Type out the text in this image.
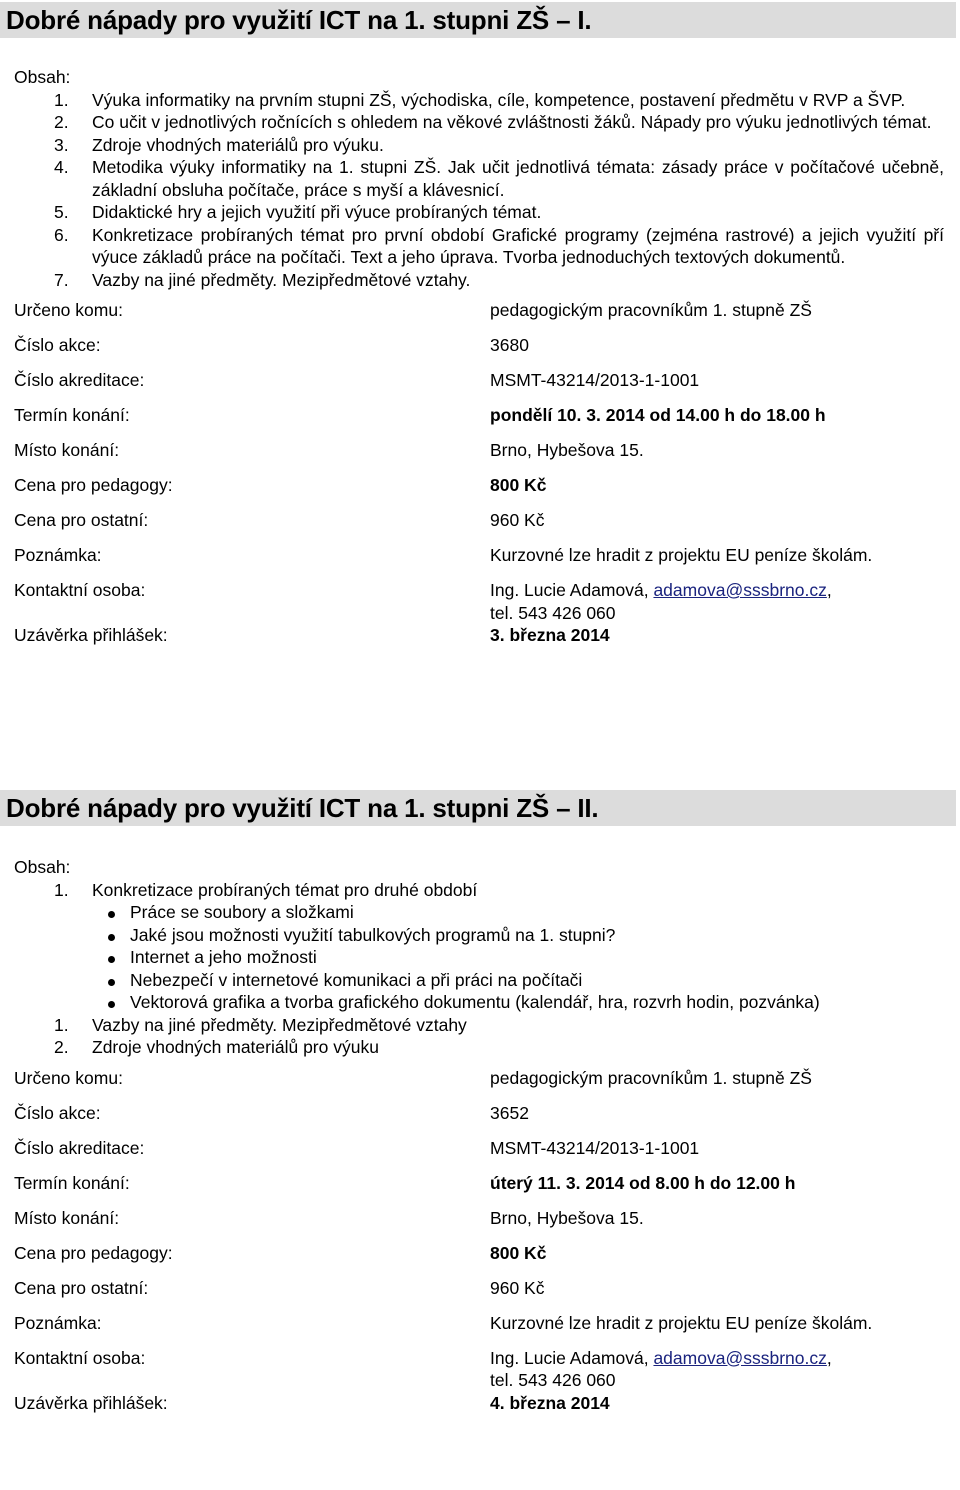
Dobré nápady pro využití ICT na 1. stupni ZŠ – I.
Obsah:
1.	Výuka informatiky na prvním stupni ZŠ, východiska, cíle, kompetence, postavení předmětu v RVP a ŠVP.
2.	Co učit v jednotlivých ročnících s ohledem na věkové zvláštnosti žáků. Nápady pro výuku jednotlivých témat.
3.	Zdroje vhodných materiálů pro výuku.
4.	Metodika výuky informatiky na 1. stupni ZŠ. Jak učit jednotlivá témata: zásady práce v počítačové učebně, základní obsluha počítače, práce s myší a klávesnicí.
5.	Didaktické hry a jejich využití při výuce probíraných témat.
6.	Konkretizace probíraných témat pro první období Grafické programy (zejména rastrové) a jejich využití pří výuce základů práce na počítači. Text a jeho úprava. Tvorba jednoduchých textových dokumentů.
7.	Vazby na jiné předměty. Mezipředmětové vztahy.
Určeno komu:	pedagogickým pracovníkům 1. stupně ZŠ
Číslo akce:	3680
Číslo akreditace:	MSMT-43214/2013-1-1001
Termín konání:	pondělí 10. 3. 2014 od 14.00 h do 18.00 h
Místo konání:	Brno, Hybešova 15.
Cena pro pedagogy:	800 Kč
Cena pro ostatní:	960 Kč
Poznámka:	Kurzovné lze hradit z projektu EU peníze školám.
Kontaktní osoba:	Ing. Lucie Adamová, adamova@sssbrno.cz,
tel. 543 426 060
Uzávěrka přihlášek:	3. března 2014
Dobré nápady pro využití ICT na 1. stupni ZŠ – II.
Obsah:
1.	Konkretizace probíraných témat pro druhé období
Práce se soubory a složkami
Jaké jsou možnosti využití tabulkových programů na 1. stupni?
Internet a jeho možnosti
Nebezpečí v internetové komunikaci a při práci na počítači
Vektorová grafika a tvorba grafického dokumentu (kalendář, hra, rozvrh hodin, pozvánka)
1.	Vazby na jiné předměty. Mezipředmětové vztahy
2.	Zdroje vhodných materiálů pro výuku
Určeno komu:	pedagogickým pracovníkům 1. stupně ZŠ
Číslo akce:	3652
Číslo akreditace:	MSMT-43214/2013-1-1001
Termín konání:	úterý 11. 3. 2014 od 8.00 h do 12.00 h
Místo konání:	Brno, Hybešova 15.
Cena pro pedagogy:	800 Kč
Cena pro ostatní:	960 Kč
Poznámka:	Kurzovné lze hradit z projektu EU peníze školám.
Kontaktní osoba:	Ing. Lucie Adamová, adamova@sssbrno.cz,
tel. 543 426 060
Uzávěrka přihlášek:	4. března 2014
